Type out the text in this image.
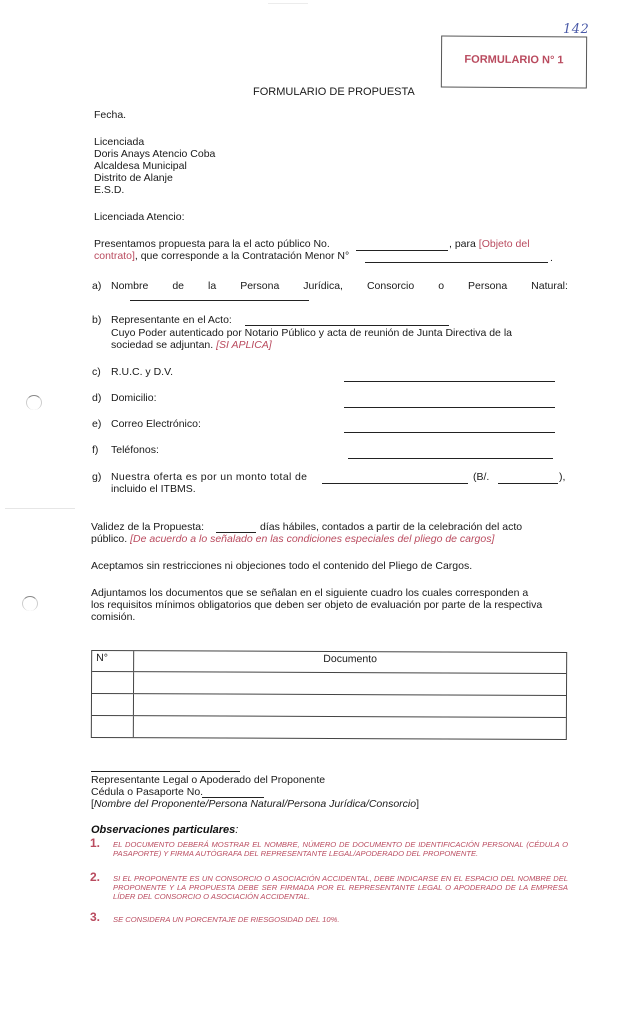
142
FORMULARIO N° 1
FORMULARIO DE PROPUESTA
Fecha.
Licenciada
Doris Anays Atencio Coba
Alcaldesa Municipal
Distrito de Alanje
E.S.D.
Licenciada Atencio:
Presentamos propuesta para la el acto público No.	, para [Objeto del
contrato], que corresponde a la Contratación Menor N°	.
a) Nombre de la Persona Jurídica, Consorcio o Persona Natural:
b) Representante en el Acto:
Cuyo Poder autenticado por Notario Público y acta de reunión de Junta Directiva de la
sociedad se adjuntan. [SI APLICA]
c) R.U.C. y D.V.
d) Domicilio:
e) Correo Electrónico:
f) Teléfonos:
g) Nuestra oferta es por un monto total de	(B/.	),
incluido el ITBMS.
Validez de la Propuesta:	días hábiles, contados a partir de la celebración del acto
público. [De acuerdo a lo señalado en las condiciones especiales del pliego de cargos]
Aceptamos sin restricciones ni objeciones todo el contenido del Pliego de Cargos.
Adjuntamos los documentos que se señalan en el siguiente cuadro los cuales corresponden a
los requisitos mínimos obligatorios que deben ser objeto de evaluación por parte de la respectiva
comisión.
N°	Documento
Representante Legal o Apoderado del Proponente
Cédula o Pasaporte No.
[Nombre del Proponente/Persona Natural/Persona Jurídica/Consorcio]
Observaciones particulares:
1. EL DOCUMENTO DEBERÁ MOSTRAR EL NOMBRE, NÚMERO DE DOCUMENTO DE IDENTIFICACIÓN PERSONAL (CÉDULA O PASAPORTE) Y FIRMA AUTÓGRAFA DEL REPRESENTANTE LEGAL/APODERADO DEL PROPONENTE.
2. SI EL PROPONENTE ES UN CONSORCIO O ASOCIACIÓN ACCIDENTAL, DEBE INDICARSE EN EL ESPACIO DEL NOMBRE DEL PROPONENTE Y LA PROPUESTA DEBE SER FIRMADA POR EL REPRESENTANTE LEGAL O APODERADO DE LA EMPRESA LÍDER DEL CONSORCIO O ASOCIACIÓN ACCIDENTAL.
3. SE CONSIDERA UN PORCENTAJE DE RIESGOSIDAD DEL 10%.
